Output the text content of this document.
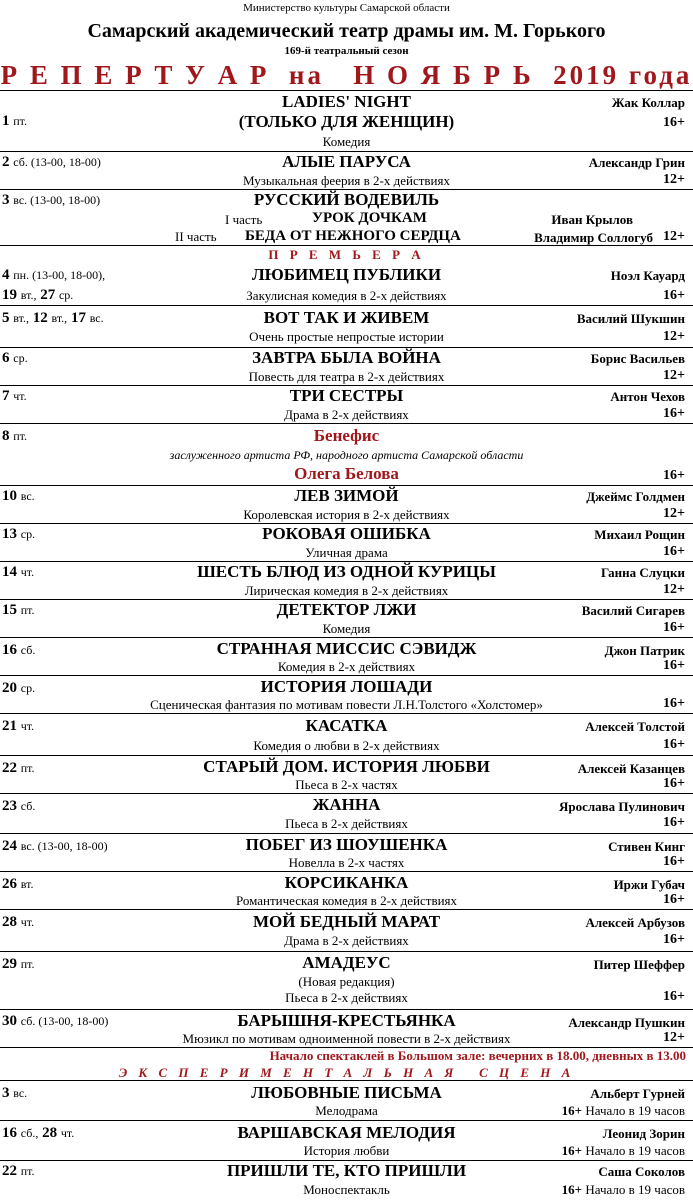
Министерство культуры Самарской области
Самарский академический театр драмы им. М. Горького
169-й театральный сезон
Р Е П Е Р Т У А Р  на   Н О Я Б Р Ь  2019 года
LADIES' NIGHT	Жак Коллар
1 пт.	(ТОЛЬКО ДЛЯ ЖЕНЩИН)	16+
Комедия
2 сб. (13-00, 18-00)	АЛЫЕ ПАРУСА	Александр Грин
Музыкальная феерия в 2-х действиях	12+
3 вс. (13-00, 18-00)	РУССКИЙ ВОДЕВИЛЬ
I часть	УРОК ДОЧКАМ	Иван Крылов
II часть БЕДА ОТ НЕЖНОГО СЕРДЦА	Владимир Соллогуб 12+
П Р Е М Ь Е Р А
4 пн. (13-00, 18-00),	ЛЮБИМЕЦ ПУБЛИКИ	Ноэл Кауард
19 вт., 27 ср.	Закулисная комедия в 2-х действиях	16+
5 вт., 12 вт., 17 вс.	ВОТ ТАК И ЖИВЕМ	Василий Шукшин
Очень простые непростые истории	12+
6 ср.	ЗАВТРА БЫЛА ВОЙНА	Борис Васильев
Повесть для театра в 2-х действиях	12+
7 чт.	ТРИ СЕСТРЫ	Антон Чехов
Драма в 2-х действиях	16+
8 пт.	Бенефис
заслуженного артиста РФ, народного артиста Самарской области
Олега Белова	16+
10 вс.	ЛЕВ ЗИМОЙ	Джеймс Голдмен
Королевская история в 2-х действиях	12+
13 ср.	РОКОВАЯ ОШИБКА	Михаил Рощин
Уличная драма	16+
14 чт.	ШЕСТЬ БЛЮД ИЗ ОДНОЙ КУРИЦЫ	Ганна Слуцки
Лирическая комедия в 2-х действиях	12+
15 пт.	ДЕТЕКТОР ЛЖИ	Василий Сигарев
Комедия	16+
16 сб.	СТРАННАЯ МИССИС СЭВИДЖ	Джон Патрик
Комедия в 2-х действиях	16+
20 ср.	ИСТОРИЯ ЛОШАДИ
Сценическая фантазия по мотивам повести Л.Н.Толстого «Холстомер»	16+
21 чт.	КАСАТКА	Алексей Толстой
Комедия о любви в 2-х действиях	16+
22 пт.	СТАРЫЙ ДОМ. ИСТОРИЯ ЛЮБВИ	Алексей Казанцев
Пьеса в 2-х частях	16+
23 сб.	ЖАННА	Ярослава Пулинович
Пьеса в 2-х действиях	16+
24 вс. (13-00, 18-00)	ПОБЕГ ИЗ ШОУШЕНКА	Стивен Кинг
Новелла в 2-х частях	16+
26 вт.	КОРСИКАНКА	Иржи Губач
Романтическая комедия в 2-х действиях	16+
28 чт.	МОЙ БЕДНЫЙ МАРАТ	Алексей Арбузов
Драма в 2-х действиях	16+
29 пт.	АМАДЕУС	Питер Шеффер
(Новая редакция)
Пьеса в 2-х действиях	16+
30 сб. (13-00, 18-00)	БАРЫШНЯ-КРЕСТЬЯНКА	Александр Пушкин
Мюзикл по мотивам одноименной повести в 2-х действиях	12+
Начало спектаклей в Большом зале: вечерних в 18.00, дневных в 13.00
Э К С П Е Р И М Е Н Т А Л Ь Н А Я   С Ц Е Н А
3 вс.	ЛЮБОВНЫЕ ПИСЬМА	Альберт Гурней
Мелодрама	16+ Начало в 19 часов
16 сб., 28 чт.	ВАРШАВСКАЯ МЕЛОДИЯ	Леонид Зорин
История любви	16+ Начало в 19 часов
22 пт.	ПРИШЛИ ТЕ, КТО ПРИШЛИ	Саша Соколов
Моноспектакль	16+ Начало в 19 часов
